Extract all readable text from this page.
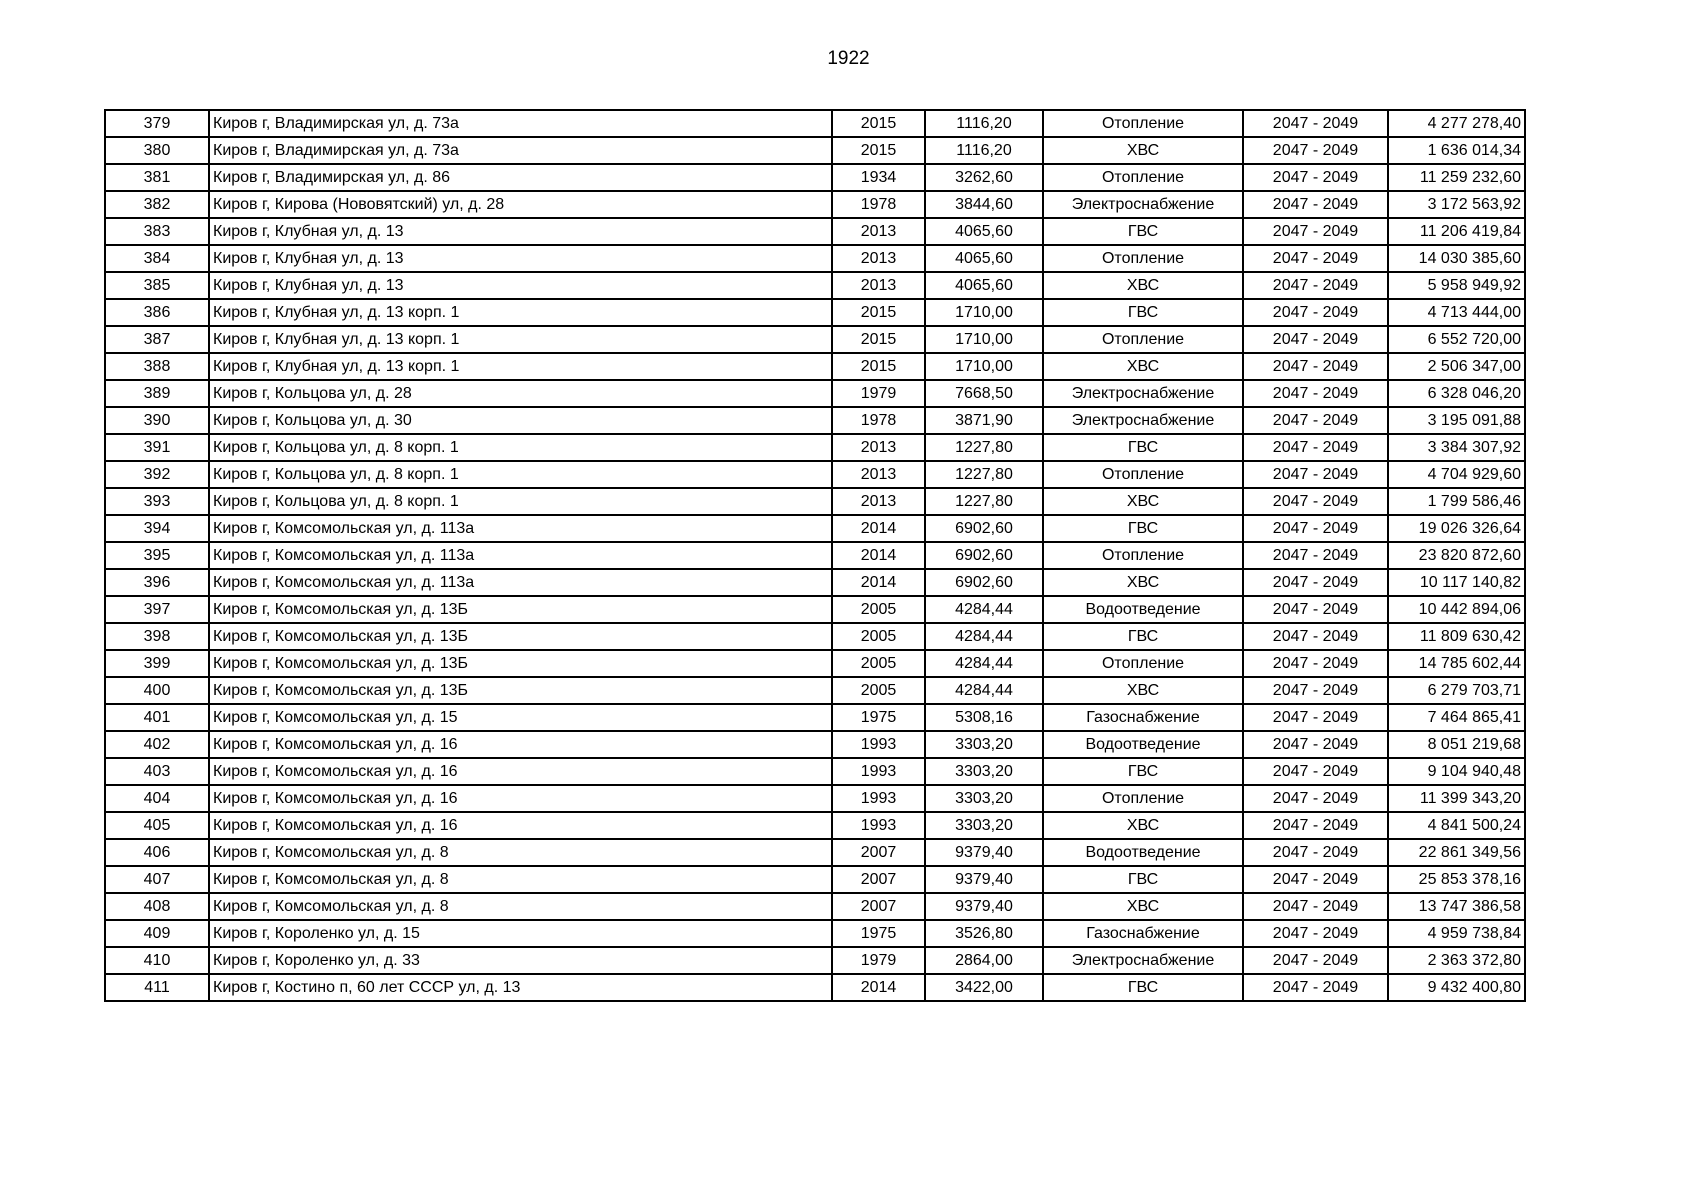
1922
379	Киров г, Владимирская ул, д. 73а	2015	1116,20	Отопление	2047 - 2049	4 277 278,40
380	Киров г, Владимирская ул, д. 73а	2015	1116,20	ХВС	2047 - 2049	1 636 014,34
381	Киров г, Владимирская ул, д. 86	1934	3262,60	Отопление	2047 - 2049	11 259 232,60
382	Киров г, Кирова (Нововятский) ул, д. 28	1978	3844,60	Электроснабжение	2047 - 2049	3 172 563,92
383	Киров г, Клубная ул, д. 13	2013	4065,60	ГВС	2047 - 2049	11 206 419,84
384	Киров г, Клубная ул, д. 13	2013	4065,60	Отопление	2047 - 2049	14 030 385,60
385	Киров г, Клубная ул, д. 13	2013	4065,60	ХВС	2047 - 2049	5 958 949,92
386	Киров г, Клубная ул, д. 13 корп. 1	2015	1710,00	ГВС	2047 - 2049	4 713 444,00
387	Киров г, Клубная ул, д. 13 корп. 1	2015	1710,00	Отопление	2047 - 2049	6 552 720,00
388	Киров г, Клубная ул, д. 13 корп. 1	2015	1710,00	ХВС	2047 - 2049	2 506 347,00
389	Киров г, Кольцова ул, д. 28	1979	7668,50	Электроснабжение	2047 - 2049	6 328 046,20
390	Киров г, Кольцова ул, д. 30	1978	3871,90	Электроснабжение	2047 - 2049	3 195 091,88
391	Киров г, Кольцова ул, д. 8 корп. 1	2013	1227,80	ГВС	2047 - 2049	3 384 307,92
392	Киров г, Кольцова ул, д. 8 корп. 1	2013	1227,80	Отопление	2047 - 2049	4 704 929,60
393	Киров г, Кольцова ул, д. 8 корп. 1	2013	1227,80	ХВС	2047 - 2049	1 799 586,46
394	Киров г, Комсомольская ул, д. 113а	2014	6902,60	ГВС	2047 - 2049	19 026 326,64
395	Киров г, Комсомольская ул, д. 113а	2014	6902,60	Отопление	2047 - 2049	23 820 872,60
396	Киров г, Комсомольская ул, д. 113а	2014	6902,60	ХВС	2047 - 2049	10 117 140,82
397	Киров г, Комсомольская ул, д. 13Б	2005	4284,44	Водоотведение	2047 - 2049	10 442 894,06
398	Киров г, Комсомольская ул, д. 13Б	2005	4284,44	ГВС	2047 - 2049	11 809 630,42
399	Киров г, Комсомольская ул, д. 13Б	2005	4284,44	Отопление	2047 - 2049	14 785 602,44
400	Киров г, Комсомольская ул, д. 13Б	2005	4284,44	ХВС	2047 - 2049	6 279 703,71
401	Киров г, Комсомольская ул, д. 15	1975	5308,16	Газоснабжение	2047 - 2049	7 464 865,41
402	Киров г, Комсомольская ул, д. 16	1993	3303,20	Водоотведение	2047 - 2049	8 051 219,68
403	Киров г, Комсомольская ул, д. 16	1993	3303,20	ГВС	2047 - 2049	9 104 940,48
404	Киров г, Комсомольская ул, д. 16	1993	3303,20	Отопление	2047 - 2049	11 399 343,20
405	Киров г, Комсомольская ул, д. 16	1993	3303,20	ХВС	2047 - 2049	4 841 500,24
406	Киров г, Комсомольская ул, д. 8	2007	9379,40	Водоотведение	2047 - 2049	22 861 349,56
407	Киров г, Комсомольская ул, д. 8	2007	9379,40	ГВС	2047 - 2049	25 853 378,16
408	Киров г, Комсомольская ул, д. 8	2007	9379,40	ХВС	2047 - 2049	13 747 386,58
409	Киров г, Короленко ул, д. 15	1975	3526,80	Газоснабжение	2047 - 2049	4 959 738,84
410	Киров г, Короленко ул, д. 33	1979	2864,00	Электроснабжение	2047 - 2049	2 363 372,80
411	Киров г, Костино п, 60 лет СССР ул, д. 13	2014	3422,00	ГВС	2047 - 2049	9 432 400,80
